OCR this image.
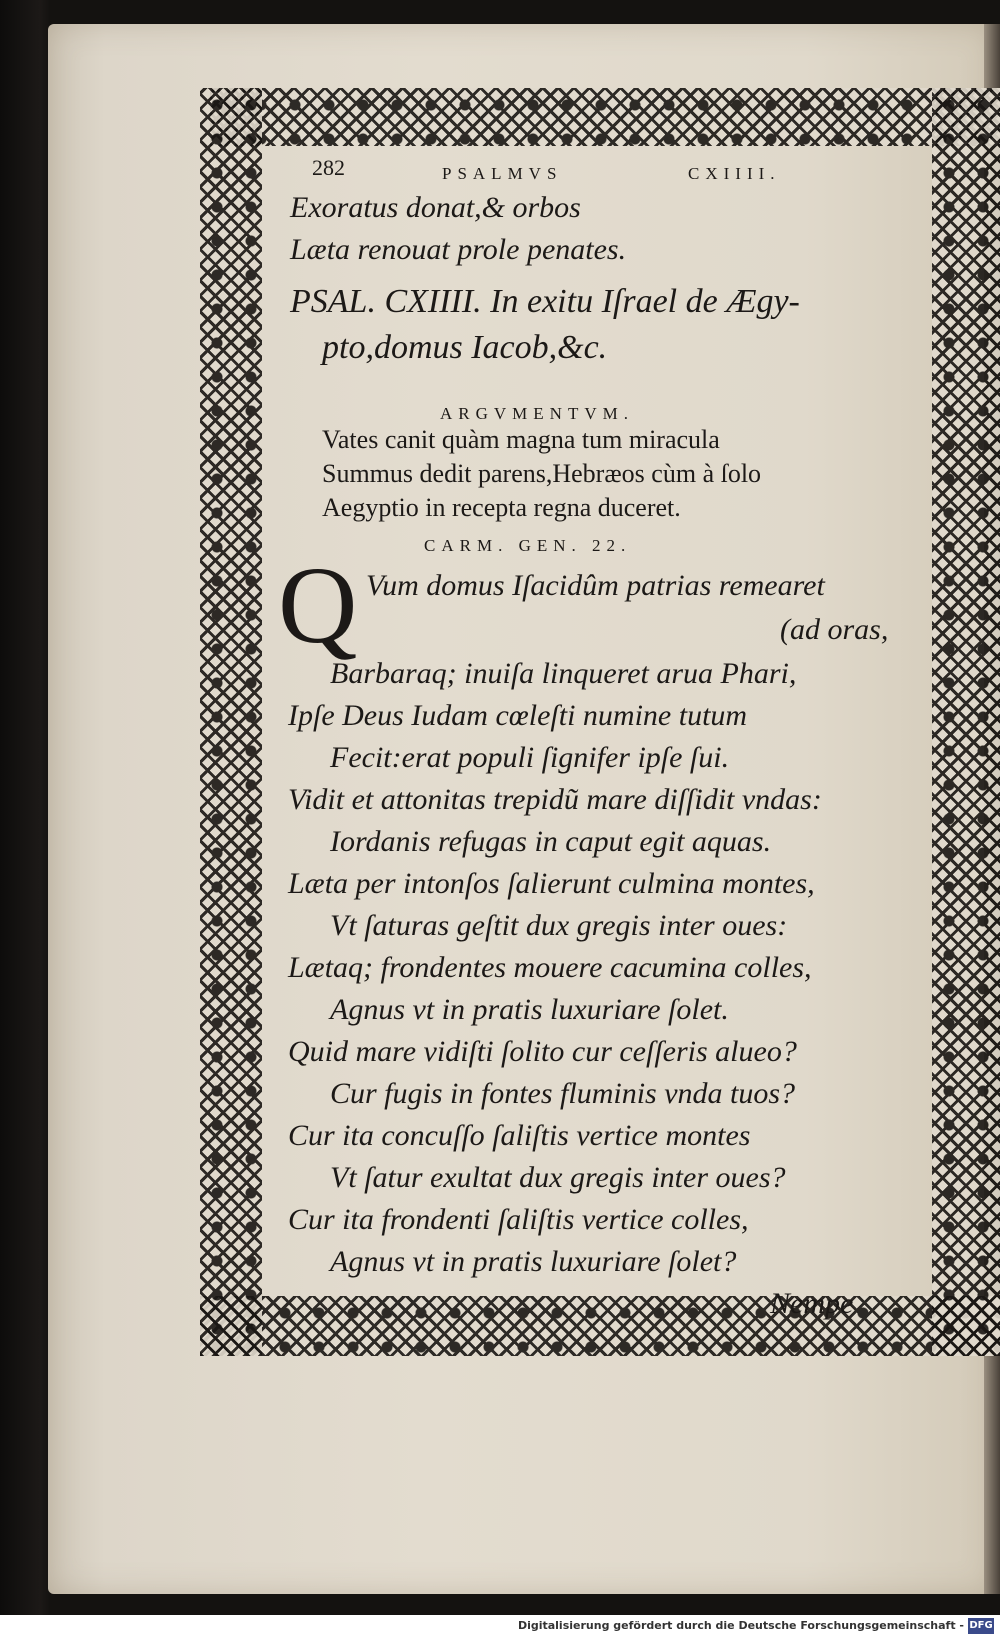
282	PSALMVS	CXIIII.
Exoratus donat,& orbos
Læta renouat prole penates.
PSAL. CXIIII. In exitu Iſrael de Ægy-
pto,domus Iacob,&c.
ARGVMENTVM.
Vates canit quàm magna tum miracula
Summus dedit parens,Hebræos cùm à ſolo
Aegyptio in recepta regna duceret.
CARM. GEN. 22.
Q Vum domus Iſacidûm patrias remearet
(ad oras,
Barbaraq; inuiſa linqueret arua Phari,
Ipſe Deus Iudam cœleſti numine tutum
Fecit:erat populi ſignifer ipſe ſui.
Vidit et attonitas trepidũ mare diſſidit vndas:
Iordanis refugas in caput egit aquas.
Læta per intonſos ſalierunt culmina montes,
Vt ſaturas geſtit dux gregis inter oues:
Lætaq; frondentes mouere cacumina colles,
Agnus vt in pratis luxuriare ſolet.
Quid mare vidiſti ſolito cur ceſſeris alueo?
Cur fugis in fontes fluminis vnda tuos?
Cur ita concuſſo ſaliſtis vertice montes
Vt ſatur exultat dux gregis inter oues?
Cur ita frondenti ſaliſtis vertice colles,
Agnus vt in pratis luxuriare ſolet?
Nempe
Digitalisierung gefördert durch die Deutsche Forschungsgemeinschaft - DFG
